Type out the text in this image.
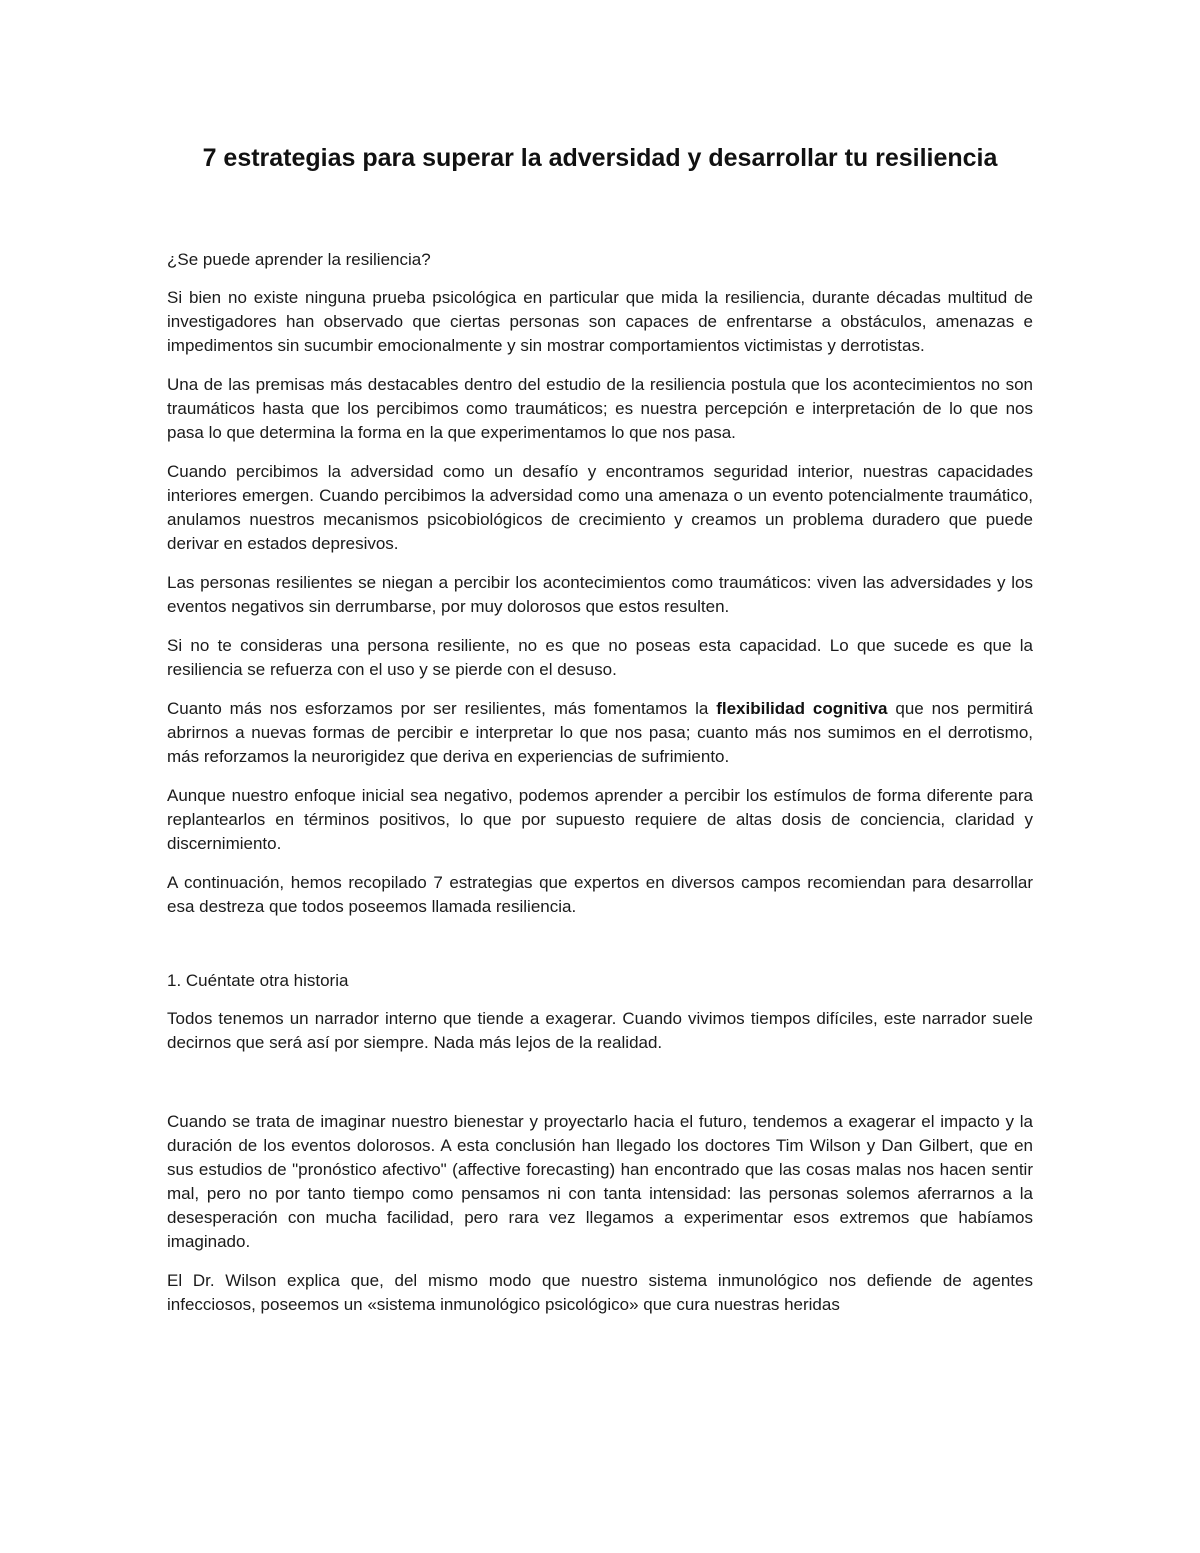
7 estrategias para superar la adversidad y desarrollar tu resiliencia

¿Se puede aprender la resiliencia?

Si bien no existe ninguna prueba psicológica en particular que mida la resiliencia, durante décadas multitud de investigadores han observado que ciertas personas son capaces de enfrentarse a obstáculos, amenazas e impedimentos sin sucumbir emocionalmente y sin mostrar comportamientos victimistas y derrotistas.

Una de las premisas más destacables dentro del estudio de la resiliencia postula que los acontecimientos no son traumáticos hasta que los percibimos como traumáticos; es nuestra percepción e interpretación de lo que nos pasa lo que determina la forma en la que experimentamos lo que nos pasa.

Cuando percibimos la adversidad como un desafío y encontramos seguridad interior, nuestras capacidades interiores emergen. Cuando percibimos la adversidad como una amenaza o un evento potencialmente traumático, anulamos nuestros mecanismos psicobiológicos de crecimiento y creamos un problema duradero que puede derivar en estados depresivos.

Las personas resilientes se niegan a percibir los acontecimientos como traumáticos: viven las adversidades y los eventos negativos sin derrumbarse, por muy dolorosos que estos resulten.

Si no te consideras una persona resiliente, no es que no poseas esta capacidad. Lo que sucede es que la resiliencia se refuerza con el uso y se pierde con el desuso.

Cuanto más nos esforzamos por ser resilientes, más fomentamos la flexibilidad cognitiva que nos permitirá abrirnos a nuevas formas de percibir e interpretar lo que nos pasa; cuanto más nos sumimos en el derrotismo, más reforzamos la neurorigidez que deriva en experiencias de sufrimiento.

Aunque nuestro enfoque inicial sea negativo, podemos aprender a percibir los estímulos de forma diferente para replantearlos en términos positivos, lo que por supuesto requiere de altas dosis de conciencia, claridad y discernimiento.

A continuación, hemos recopilado 7 estrategias que expertos en diversos campos recomiendan para desarrollar esa destreza que todos poseemos llamada resiliencia.

1. Cuéntate otra historia

Todos tenemos un narrador interno que tiende a exagerar. Cuando vivimos tiempos difíciles, este narrador suele decirnos que será así por siempre. Nada más lejos de la realidad.

Cuando se trata de imaginar nuestro bienestar y proyectarlo hacia el futuro, tendemos a exagerar el impacto y la duración de los eventos dolorosos. A esta conclusión han llegado los doctores Tim Wilson y Dan Gilbert, que en sus estudios de "pronóstico afectivo" (affective forecasting) han encontrado que las cosas malas nos hacen sentir mal, pero no por tanto tiempo como pensamos ni con tanta intensidad: las personas solemos aferrarnos a la desesperación con mucha facilidad, pero rara vez llegamos a experimentar esos extremos que habíamos imaginado.

El Dr. Wilson explica que, del mismo modo que nuestro sistema inmunológico nos defiende de agentes infecciosos, poseemos un «sistema inmunológico psicológico» que cura nuestras heridas
